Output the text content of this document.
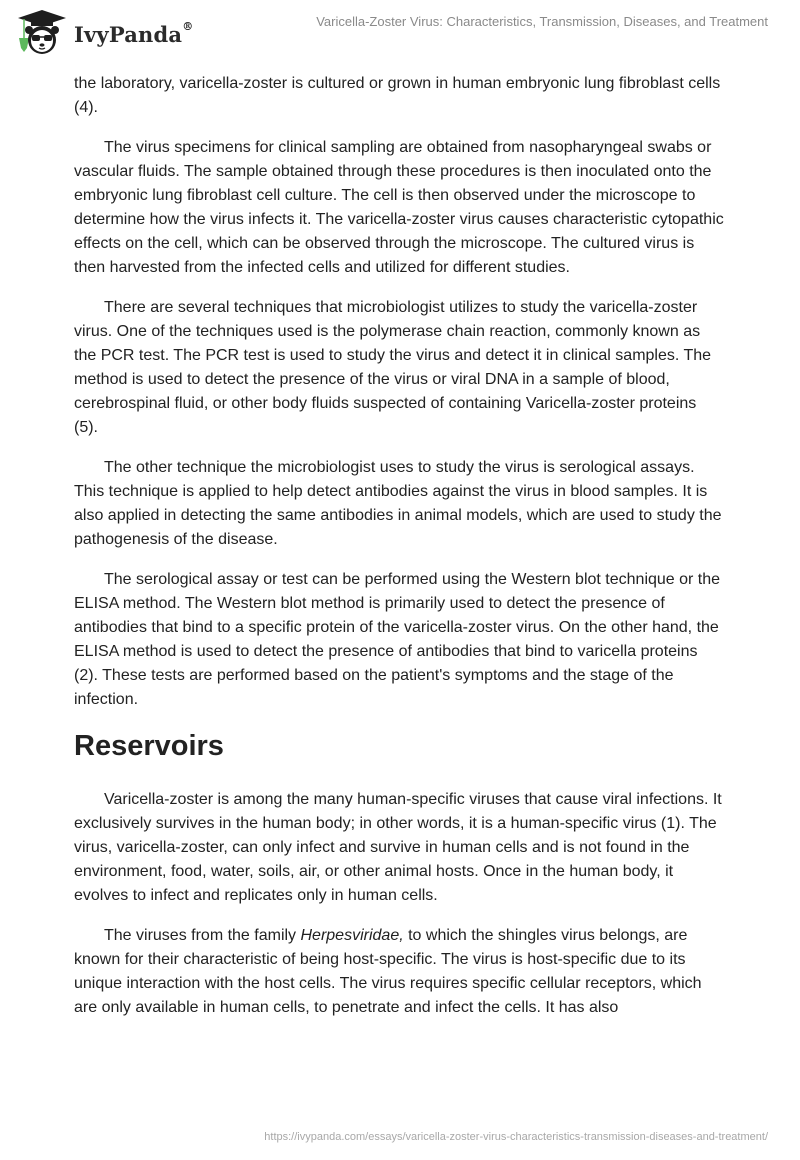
IvyPanda®	Varicella-Zoster Virus: Characteristics, Transmission, Diseases, and Treatment

the laboratory, varicella-zoster is cultured or grown in human embryonic lung fibroblast cells (4).

The virus specimens for clinical sampling are obtained from nasopharyngeal swabs or vascular fluids. The sample obtained through these procedures is then inoculated onto the embryonic lung fibroblast cell culture. The cell is then observed under the microscope to determine how the virus infects it. The varicella-zoster virus causes characteristic cytopathic effects on the cell, which can be observed through the microscope. The cultured virus is then harvested from the infected cells and utilized for different studies.

There are several techniques that microbiologist utilizes to study the varicella-zoster virus. One of the techniques used is the polymerase chain reaction, commonly known as the PCR test. The PCR test is used to study the virus and detect it in clinical samples. The method is used to detect the presence of the virus or viral DNA in a sample of blood, cerebrospinal fluid, or other body fluids suspected of containing Varicella-zoster proteins (5).

The other technique the microbiologist uses to study the virus is serological assays. This technique is applied to help detect antibodies against the virus in blood samples. It is also applied in detecting the same antibodies in animal models, which are used to study the pathogenesis of the disease.

The serological assay or test can be performed using the Western blot technique or the ELISA method. The Western blot method is primarily used to detect the presence of antibodies that bind to a specific protein of the varicella-zoster virus. On the other hand, the ELISA method is used to detect the presence of antibodies that bind to varicella proteins (2). These tests are performed based on the patient's symptoms and the stage of the infection.

Reservoirs

Varicella-zoster is among the many human-specific viruses that cause viral infections. It exclusively survives in the human body; in other words, it is a human-specific virus (1). The virus, varicella-zoster, can only infect and survive in human cells and is not found in the environment, food, water, soils, air, or other animal hosts. Once in the human body, it evolves to infect and replicates only in human cells.

The viruses from the family Herpesviridae, to which the shingles virus belongs, are known for their characteristic of being host-specific. The virus is host-specific due to its unique interaction with the host cells. The virus requires specific cellular receptors, which are only available in human cells, to penetrate and infect the cells. It has also

https://ivypanda.com/essays/varicella-zoster-virus-characteristics-transmission-diseases-and-treatment/
